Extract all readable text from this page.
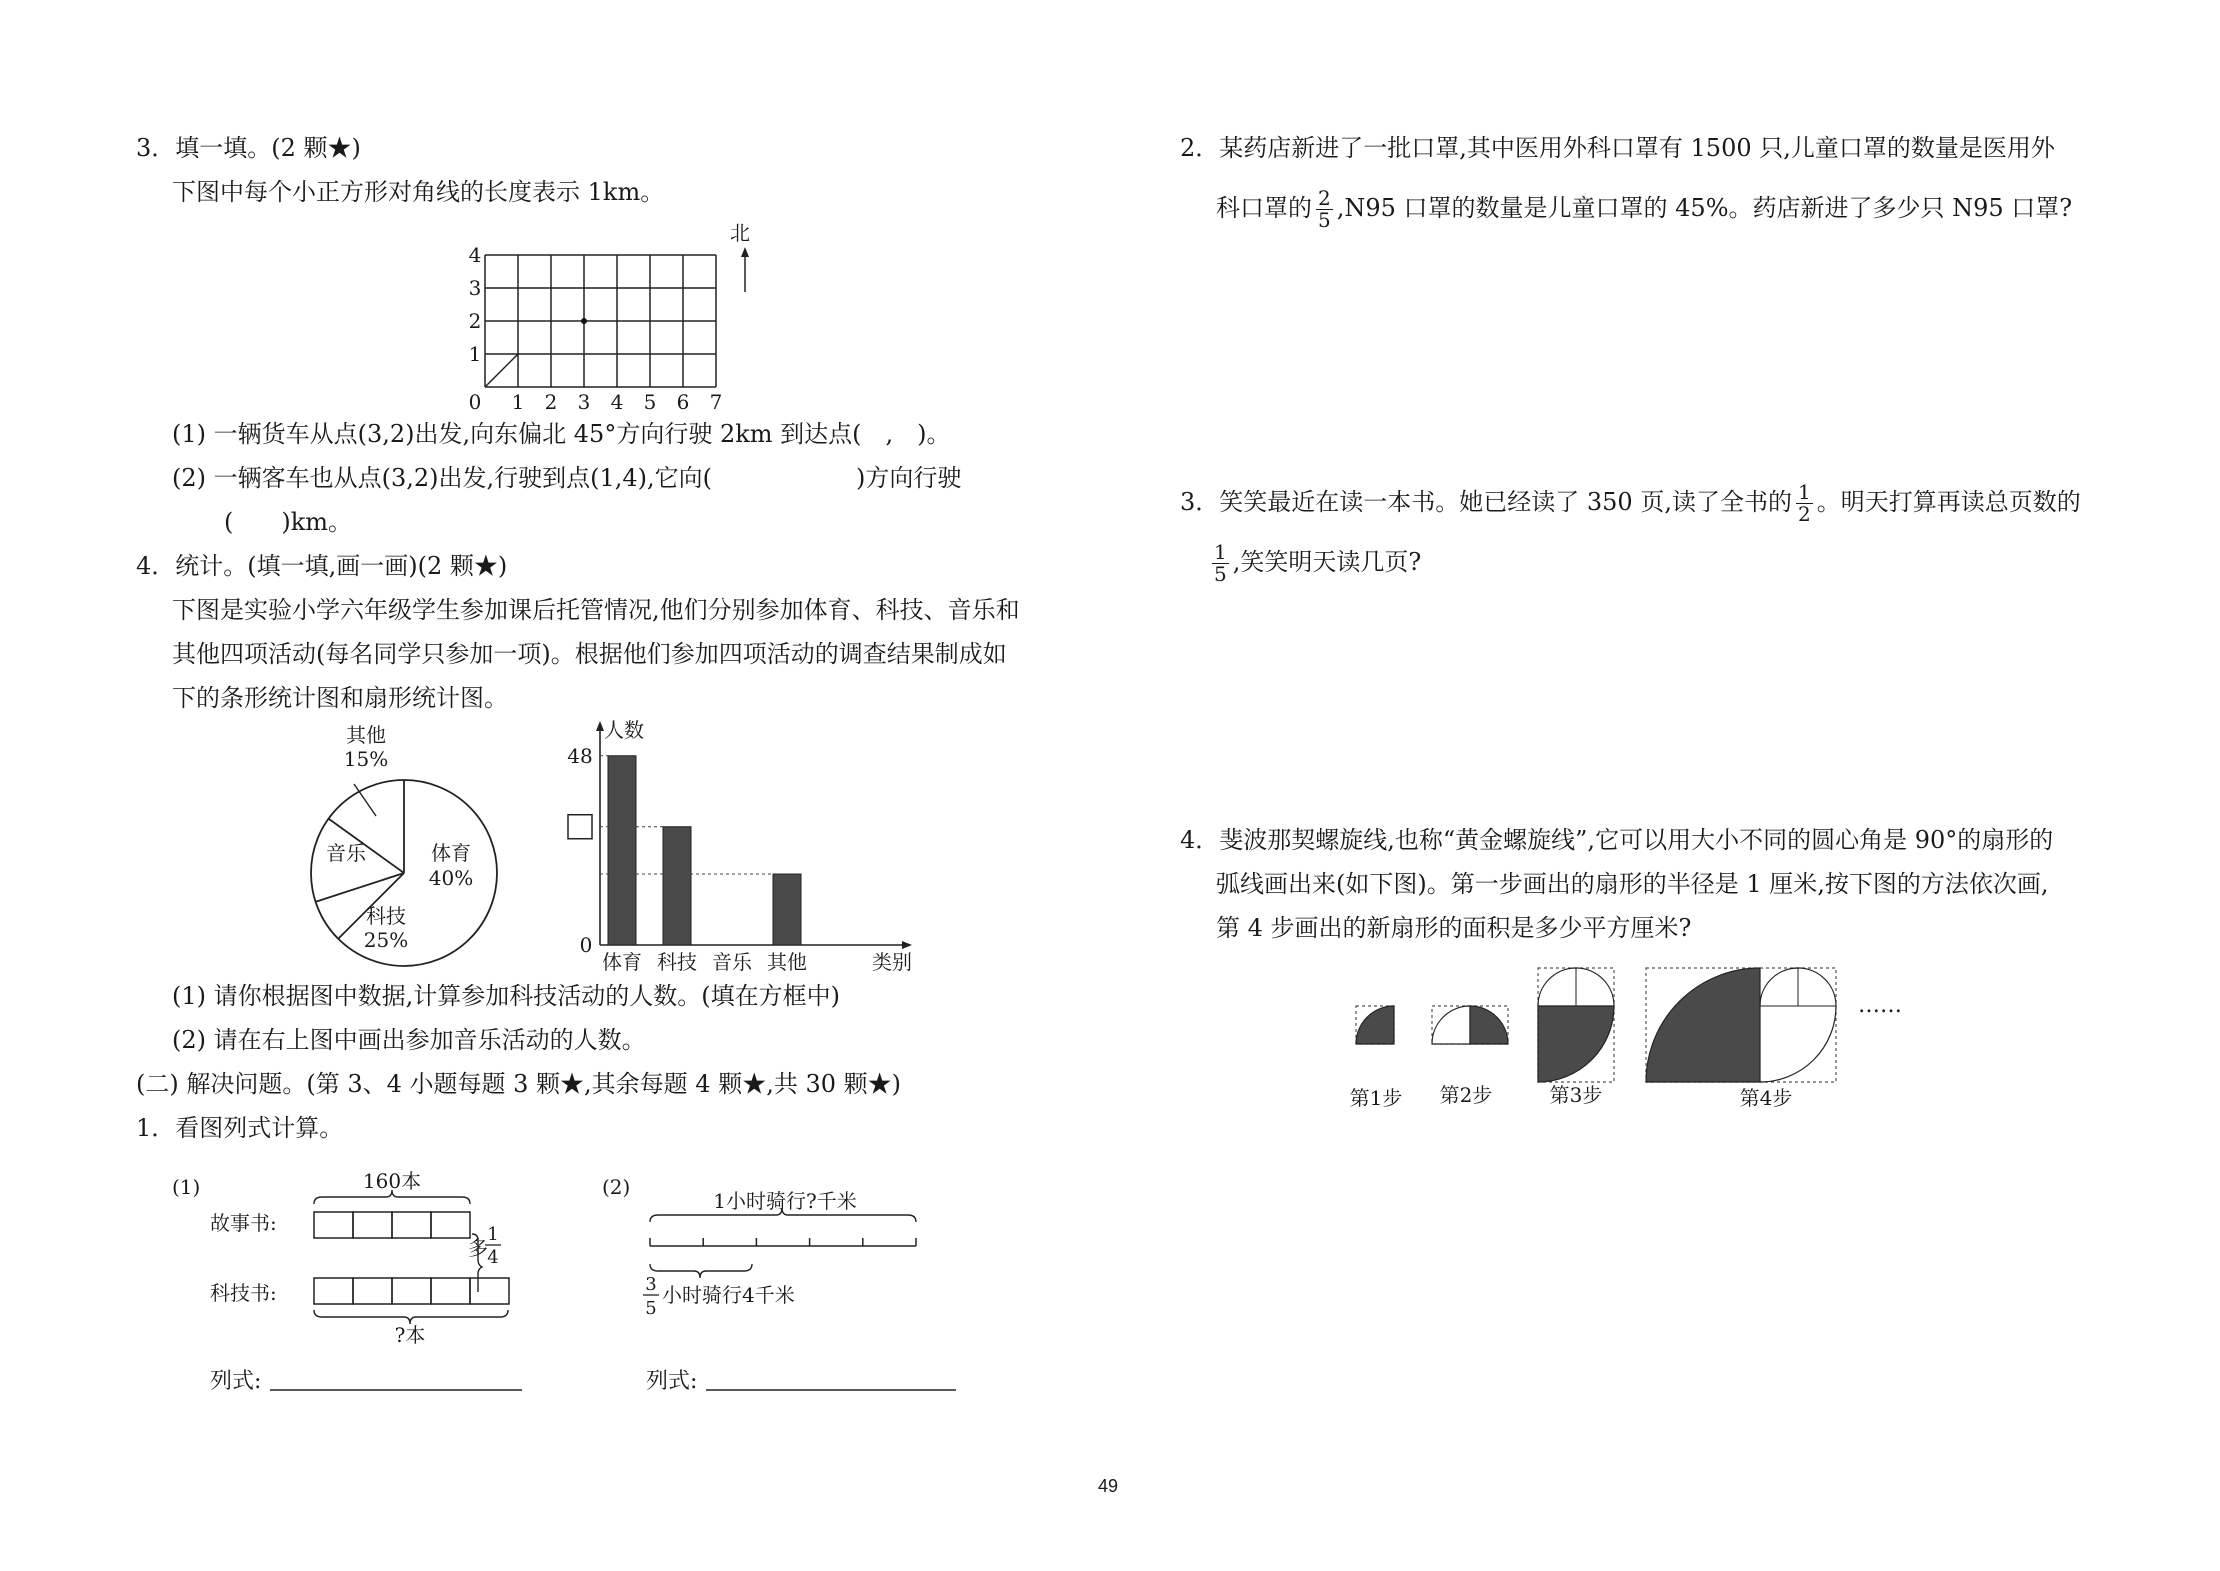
3．填一填。(2 颗★)
下图中每个小正方形对角线的长度表示 1km。
0 1 2 3 4 5 6 7
1
2
3
4
北
(1) 一辆货车从点(3,2)出发,向东偏北 45°方向行驶 2km 到达点(　,　)。
(2) 一辆客车也从点(3,2)出发,行驶到点(1,4),它向(　　　　　　)方向行驶
(　　)km。
4．统计。(填一填,画一画)(2 颗★)
下图是实验小学六年级学生参加课后托管情况,他们分别参加体育、科技、音乐和
其他四项活动(每名同学只参加一项)。根据他们参加四项活动的调查结果制成如
下的条形统计图和扇形统计图。
其他
15%
音乐	体育
40%
科技
25%
人数
类别
0
48
体育 科技 音乐 其他
(1) 请你根据图中数据,计算参加科技活动的人数。(填在方框中)
(2) 请在右上图中画出参加音乐活动的人数。
(二) 解决问题。(第 3、4 小题每题 3 颗★,其余每题 4 颗★,共 30 颗★)
1．看图列式计算。
(1)	160本
故事书:
多
1
4
科技书:
?本
列式:
(2)
1小时骑行?千米
3
5
小时骑行4千米
列式:
2．某药店新进了一批口罩,其中医用外科口罩有 1500 只,儿童口罩的数量是医用外
科口罩的 $\frac{2}{5} ,N95$ 口罩的数量是儿童口罩的 45%。药店新进了多少只 N95 口罩?
3．笑笑最近在读一本书。她已经读了 350 页,读了全书的 $\frac{1}{2}$ 。明天打算再读总页数的
$\frac{1}{5}$ ,笑笑明天读几页?
4．斐波那契螺旋线,也称“黄金螺旋线”,它可以用大小不同的圆心角是 90°的扇形的
弧线画出来(如下图)。第一步画出的扇形的半径是 1 厘米,按下图的方法依次画,
第 4 步画出的新扇形的面积是多少平方厘米?
……
第1步 第2步	第3步	第4步
49
